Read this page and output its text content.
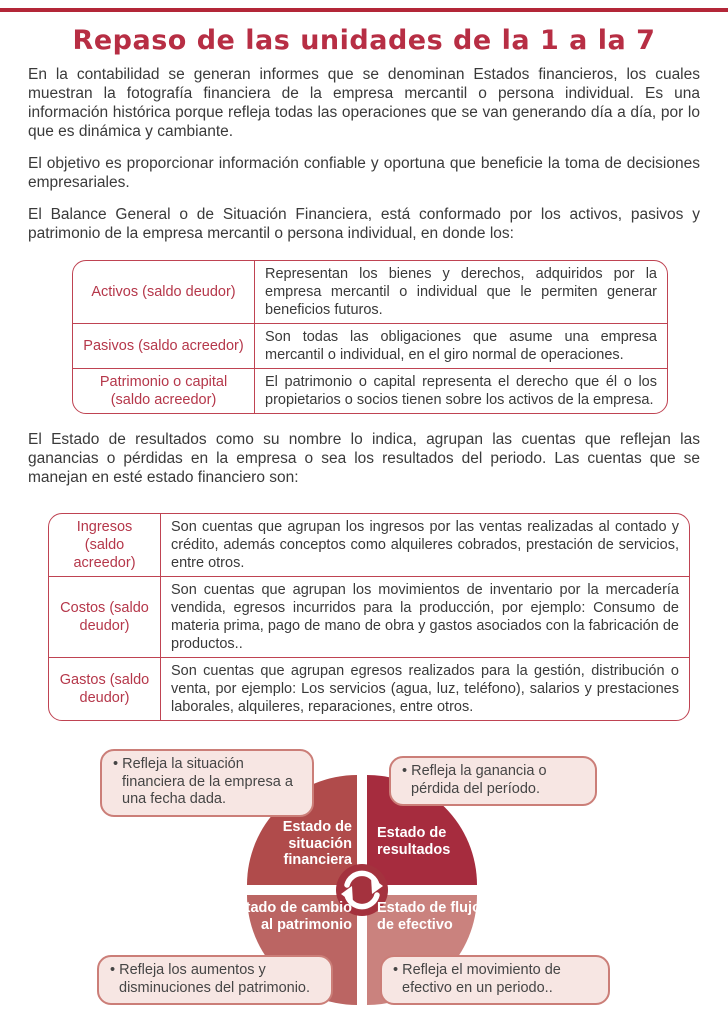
Repaso de las unidades de la 1 a la 7

En la contabilidad se generan informes que se denominan Estados financieros, los cuales muestran la fotografía financiera de la empresa mercantil o persona individual. Es una información histórica porque refleja todas las operaciones que se van generando día a día, por lo que es dinámica y cambiante.

El objetivo es proporcionar información confiable y oportuna que beneficie la toma de decisiones empresariales.

El Balance General o de Situación Financiera, está conformado por los activos, pasivos y patrimonio de la empresa mercantil o persona individual, en donde los:

Activos (saldo deudor)
Representan los bienes y derechos, adquiridos por la empresa mercantil o individual que le permiten generar beneficios futuros.
Pasivos (saldo acreedor)
Son todas las obligaciones que asume una empresa mercantil o individual, en el giro normal de operaciones.
Patrimonio o capital (saldo acreedor)
El patrimonio o capital representa el derecho que él o los propietarios o socios tienen sobre los activos de la empresa.

El Estado de resultados como su nombre lo indica, agrupan las cuentas que reflejan las ganancias o pérdidas en la empresa o sea los resultados del periodo. Las cuentas que se manejan en esté estado financiero son:

Ingresos (saldo acreedor)
Son cuentas que agrupan los ingresos por las ventas realizadas al contado y crédito, además conceptos como alquileres cobrados, prestación de servicios, entre otros.
Costos (saldo deudor)
Son cuentas que agrupan los movimientos de inventario por la mercadería vendida, egresos incurridos para la producción, por ejemplo: Consumo de materia prima, pago de mano de obra y gastos asociados con la fabricación de productos..
Gastos (saldo deudor)
Son cuentas que agrupan egresos realizados para la gestión, distribución o venta, por ejemplo: Los servicios (agua, luz, teléfono), salarios y prestaciones laborales, alquileres, reparaciones, entre otros.
Estado de situación financiera
Estado de resultados
Estado de cambio al patrimonio
Estado de flujo de efectivo
• Refleja la situación financiera de la empresa a una fecha dada.
• Refleja la ganancia o pérdida del período.
• Refleja los aumentos y disminuciones del patrimonio.
• Refleja el movimiento de efectivo en un periodo..
